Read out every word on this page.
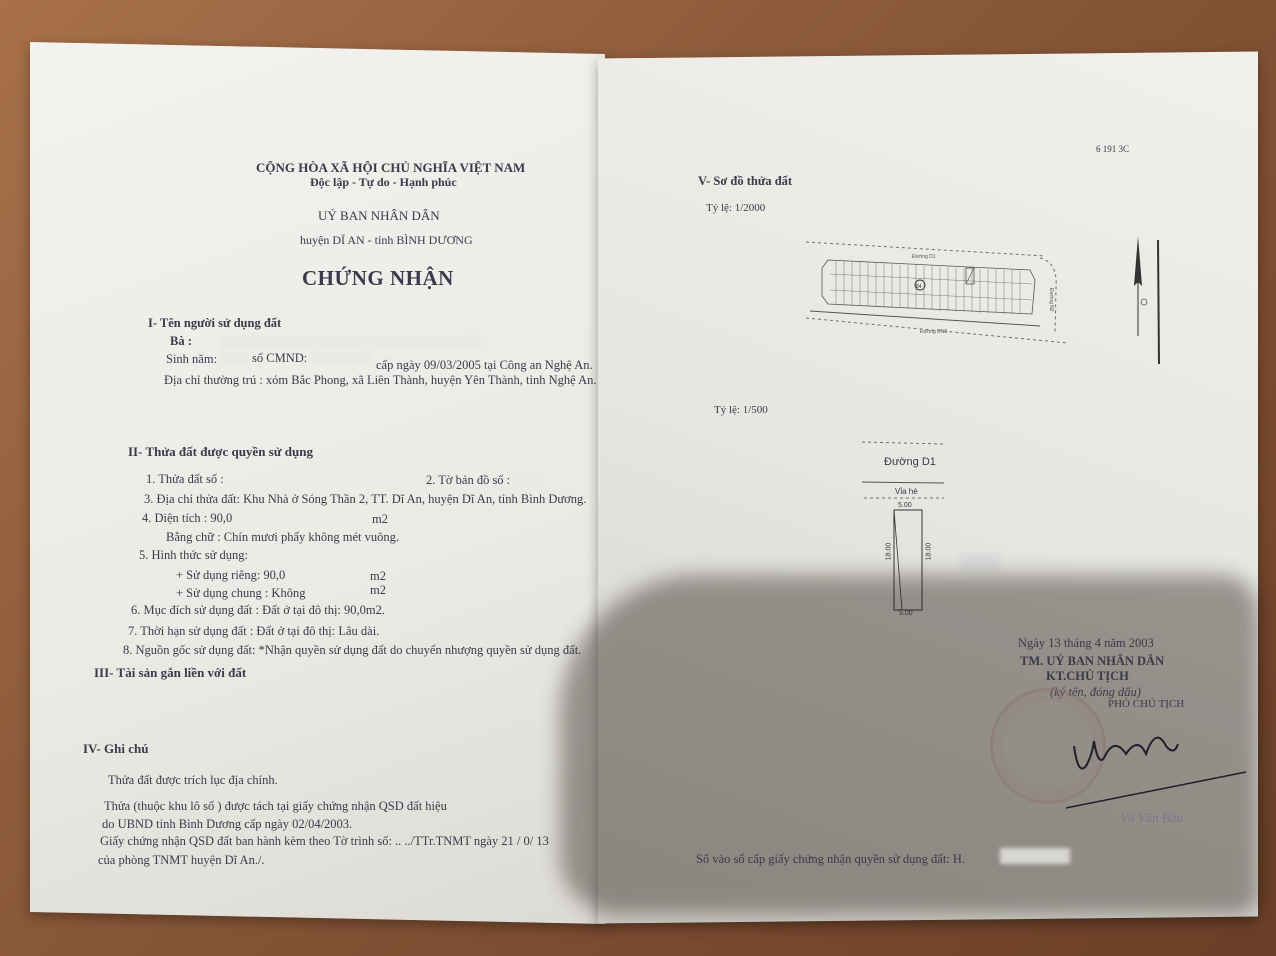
CỘNG HÒA XÃ HỘI CHỦ NGHĨA VIỆT NAM
Độc lập - Tự do - Hạnh phúc
UỶ BAN NHÂN DÂN
huyện DĨ AN - tỉnh BÌNH DƯƠNG
CHỨNG NHẬN
I- Tên người sử dụng đất
Bà :
Sinh năm:	số CMND:	cấp ngày 09/03/2005 tại Công an Nghệ An.
Địa chỉ thường trú : xóm Bắc Phong, xã Liên Thành, huyện Yên Thành, tỉnh Nghệ An.
II- Thửa đất được quyền sử dụng
1. Thửa đất số :	2. Tờ bản đồ số :
3. Địa chỉ thửa đất: Khu Nhà ở Sóng Thần 2, TT. Dĩ An, huyện Dĩ An, tỉnh Bình Dương.
4. Diện tích : 90,0	m2
Bằng chữ : Chín mươi phẩy không mét vuông.
5. Hình thức sử dụng:
+ Sử dụng riêng: 90,0	m2
+ Sử dụng chung : Không	m2
6. Mục đích sử dụng đất : Đất ở tại đô thị: 90,0m2.
7. Thời hạn sử dụng đất : Đất ở tại đô thị: Lâu dài.
8. Nguồn gốc sử dụng đất: *Nhận quyền sử dụng đất do chuyển nhượng quyền sử dụng đất.
III- Tài sản gắn liền với đất
IV- Ghi chú
Thửa đất được trích lục địa chính.
Thửa (thuộc khu lô số ) được tách tại giấy chứng nhận QSD đất hiệu
do UBND tỉnh Bình Dương cấp ngày 02/04/2003.
Giấy chứng nhận QSD đất ban hành kèm theo Tờ trình số: .. ../TTr.TNMT ngày 21 / 0/ 13
của phòng TNMT huyện Dĩ An./.
V- Sơ đồ thửa đất
Tỷ lệ: 1/2000
6 191 3C
84
Đường D1
Đường DN3
Đường N2
Tỷ lệ: 1/500
Đường D1
Vỉa hè
5.00
5.00
18.00	18.00
Ngày 13 tháng 4 năm 2003
TM. UỶ BAN NHÂN DÂN
KT.CHỦ TỊCH
(ký tên, đóng dấu)
PHÓ CHỦ TỊCH
Võ Văn Bầu
Số vào sổ cấp giấy chứng nhận quyền sử dụng đất: H.
